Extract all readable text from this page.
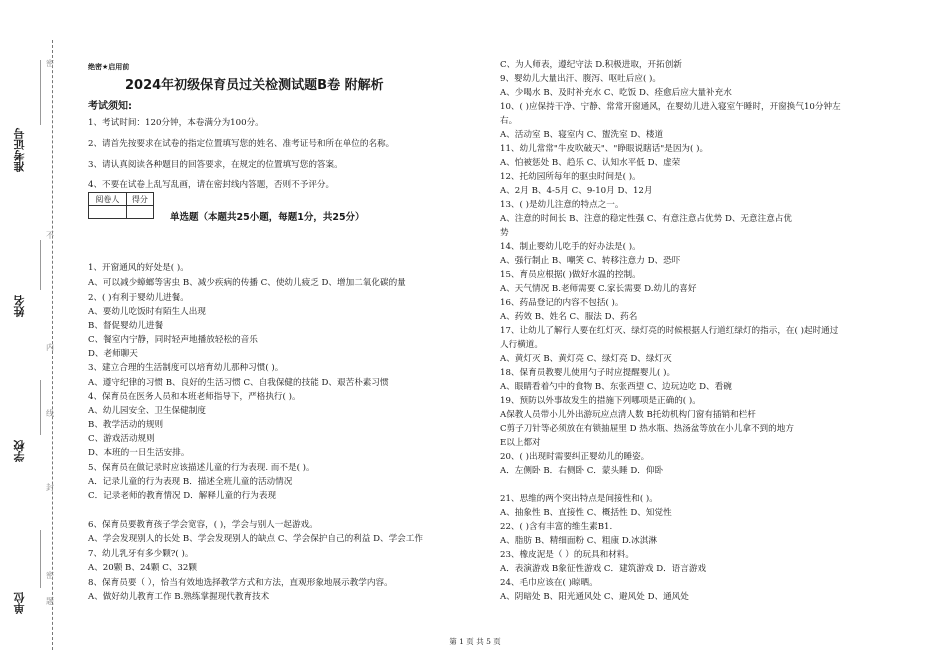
准考证号
姓名
学校
单位
密
不
内
线
封
密
题
绝密★启用前
2024年初级保育员过关检测试题B卷 附解析
考试须知:
1、考试时间：120分钟，本卷满分为100分。
2、请首先按要求在试卷的指定位置填写您的姓名、准考证号和所在单位的名称。
3、请认真阅读各种题目的回答要求，在规定的位置填写您的答案。
4、不要在试卷上乱写乱画，请在密封线内答题，否则不予评分。
阅卷人	得分

单选题（本题共25小题，每题1分，共25分）
1、开窗通风的好处是( )。
A、可以减少蟑螂等害虫 B、减少疾病的传播 C、使幼儿疲乏 D、增加二氧化碳的量
2、( )有利于婴幼儿进餐。
A、要幼儿吃饭时有陌生人出现
B、督促婴幼儿进餐
C、餐室内宁静，同时轻声地播放轻松的音乐
D、老师聊天
3、建立合理的生活制度可以培育幼儿那种习惯( )。
A、遵守纪律的习惯 B、良好的生活习惯 C、自我保健的技能 D、艰苦朴素习惯
4、保育员在医务人员和本班老师指导下，严格执行( )。
A、幼儿园安全、卫生保健制度
B、教学活动的规则
C、游戏活动规则
D、本班的一日生活安排。
5、保育员在做记录时应该描述儿童的行为表现. 而不是( )。
A．记录儿童的行为表现 B．描述全班儿童的活动情况
C．记录老师的教育情况 D．解释儿童的行为表现
6、保育员要教育孩子学会宽容，( )，学会与别人一起游戏。
A、学会发现别人的长处 B、学会发现别人的缺点 C、学会保护自己的利益 D、学会工作
7、幼儿乳牙有多少颗?( )。
A、20颗 B、24颗 C、32颗
8、保育员要（ ），恰当有效地选择教学方式和方法，直观形象地展示教学内容。
A、做好幼儿教育工作 B.熟练掌握现代教育技术
C、为人师表，遵纪守法 D.积极进取，开拓创新
9、婴幼儿大量出汗、腹泻、呕吐后应( )。
A、少喝水 B、及时补充水 C、吃饭 D、痊愈后应大量补充水
10、( )应保持干净、宁静、常常开窗通风，在婴幼儿进入寝室午睡时，开窗换气10分钟左
右。
A、活动室 B、寝室内 C、盥洗室 D、楼道
11、幼儿常常"牛皮吹破天"、"睁眼说瞎话"是因为( )。
A、怕被惩处 B、趋乐 C、认知水平低 D、虚荣
12、托幼园所每年的驱虫时间是( )。
A、2月 B、4-5月 C、9-10月 D、12月
13、( )是幼儿注意的特点之一。
A、注意的时间长 B、注意的稳定性强 C、有意注意占优势 D、无意注意占优
势
14、制止婴幼儿吃手的好办法是( )。
A、强行制止 B、嘲笑 C、转移注意力 D、恐吓
15、育员应根据( )做好水温的控制。
A、天气情况 B.老师需要 C.家长需要 D.幼儿的喜好
16、药品登记的内容不包括( )。
A、药效 B、姓名 C、服法 D、药名
17、让幼儿了解行人要在红灯灭、绿灯亮的时候根据人行道红绿灯的指示，在( )起时通过
人行横道。
A、黄灯灭 B、黄灯亮 C、绿灯亮 D、绿灯灭
18、保育员教婴儿使用勺子时应提醒婴儿( )。
A、眼睛看着勺中的食物 B、东张西望 C、边玩边吃 D、看碗
19、预防以外事故发生的措施下列哪项是正确的( )。
A保教人员带小儿外出游玩应点清人数 B托幼机构门窗有插销和栏杆
C剪子刀针等必须放在有锁抽屉里 D 热水瓶、热汤盆等放在小儿拿不到的地方
E以上都对
20、( )出现时需要纠正婴幼儿的睡姿。
A．左侧卧 B．右侧卧 C．蒙头睡 D．仰卧
21、思维的两个突出特点是间接性和( )。
A、抽象性 B、直接性 C、概括性 D、知觉性
22、( )含有丰富的维生素B1.
A、脂肪 B、精细面粉 C、粗康 D.冰淇淋
23、橡皮泥是（ ）的玩具和材料。
A．表演游戏 B象征性游戏 C．建筑游戏 D．语言游戏
24、毛巾应该在( )晾晒。
A、阴暗处 B、阳光通风处 C、避风处 D、通风处
第 1 页 共 5 页
